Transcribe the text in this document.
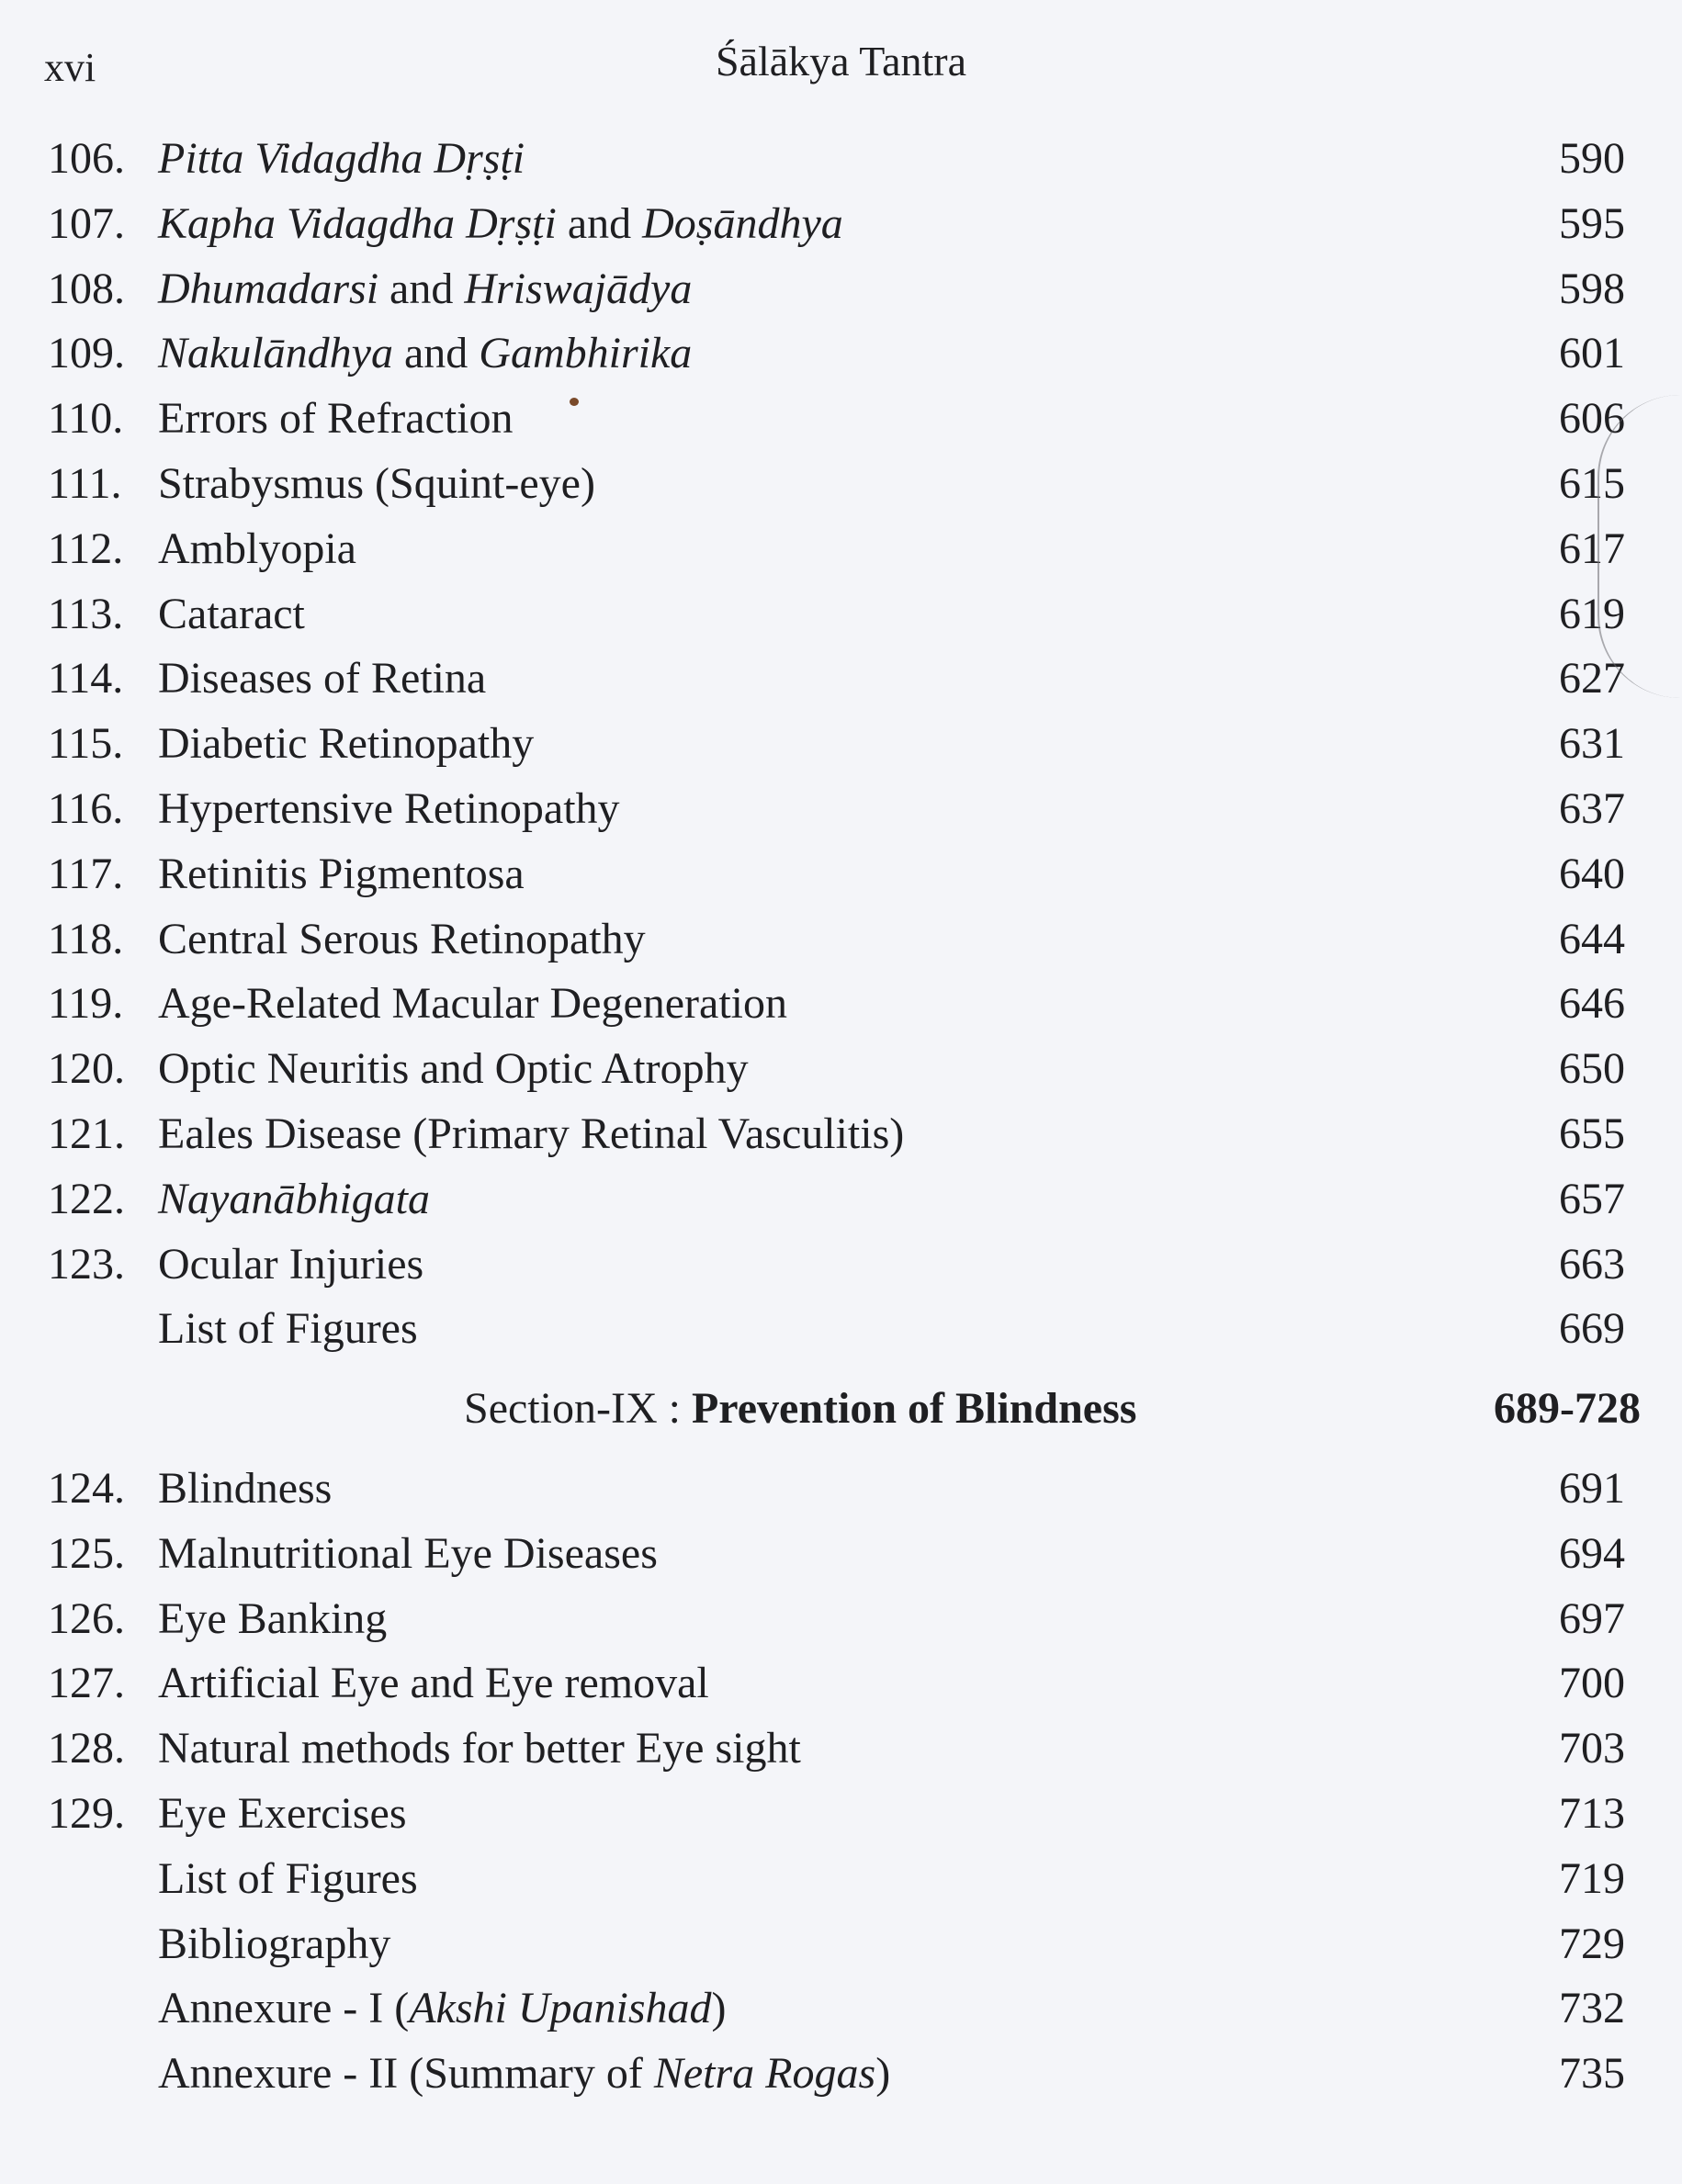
xvi	Śālākya Tantra
106. Pitta Vidagdha Dṛṣṭi	590
107. Kapha Vidagdha Dṛṣṭi and Doṣāndhya	595
108. Dhumadarsi and Hriswajādya	598
109. Nakulāndhya and Gambhirika	601
110. Errors of Refraction	606
111. Strabysmus (Squint-eye)	615
112. Amblyopia	617
113. Cataract	619
114. Diseases of Retina	627
115. Diabetic Retinopathy	631
116. Hypertensive Retinopathy	637
117. Retinitis Pigmentosa	640
118. Central Serous Retinopathy	644
119. Age-Related Macular Degeneration	646
120. Optic Neuritis and Optic Atrophy	650
121. Eales Disease (Primary Retinal Vasculitis)	655
122. Nayanābhigata	657
123. Ocular Injuries	663
List of Figures	669
Section-IX : Prevention of Blindness	689-728
124. Blindness	691
125. Malnutritional Eye Diseases	694
126. Eye Banking	697
127. Artificial Eye and Eye removal	700
128. Natural methods for better Eye sight	703
129. Eye Exercises	713
List of Figures	719
Bibliography	729
Annexure - I (Akshi Upanishad)	732
Annexure - II (Summary of Netra Rogas)	735
